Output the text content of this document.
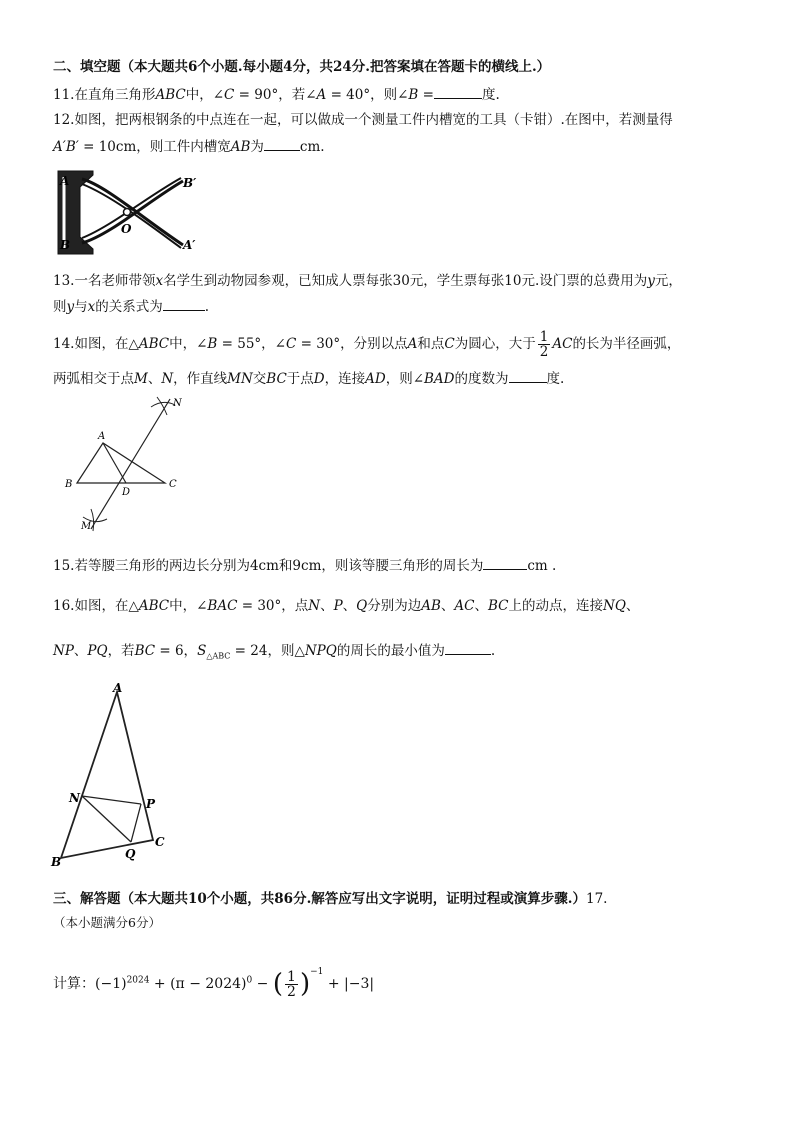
二、填空题（本大题共6个小题.每小题4分，共24分.把答案填在答题卡的横线上.）
11.在直角三角形ABC中，∠C = 90°，若∠A = 40°，则∠B =	度.
12.如图，把两根钢条的中点连在一起，可以做成一个测量工件内槽宽的工具（卡钳）.在图中，若测量得
A′B′ = 10cm，则工件内槽宽AB为	cm.
A
B
B′
A′
O
13.一名老师带领x名学生到动物园参观，已知成人票每张30元，学生票每张10元.设门票的总费用为y元，
则y与x的关系式为	.
14.如图，在△ABC中，∠B = 55°，∠C = 30°，分别以点A和点C为圆心，大于 $\frac{1}{2}$ AC的长为半径画弧，
两弧相交于点M、N，作直线MN交BC于点D，连接AD，则∠BAD的度数为	度.
N
A
B
D
C
M
15.若等腰三角形的两边长分别为4cm和9cm，则该等腰三角形的周长为	cm .
16.如图，在△ABC中，∠BAC = 30°，点N、P、Q分别为边AB、AC、BC上的动点，连接NQ、
NP、PQ，若BC = 6，$S_{\triangle ABC} = 24$，则△NPQ的周长的最小值为	.
A
N	P
B
Q
C
三、解答题（本大题共10个小题，共86分.解答应写出文字说明，证明过程或演算步骤.）17.
（本小题满分6分）
计算：$(-1)^{2024} + (\pi - 2024)^0$ − ( $\frac{1}{2} )^{-1} + |-3|$
